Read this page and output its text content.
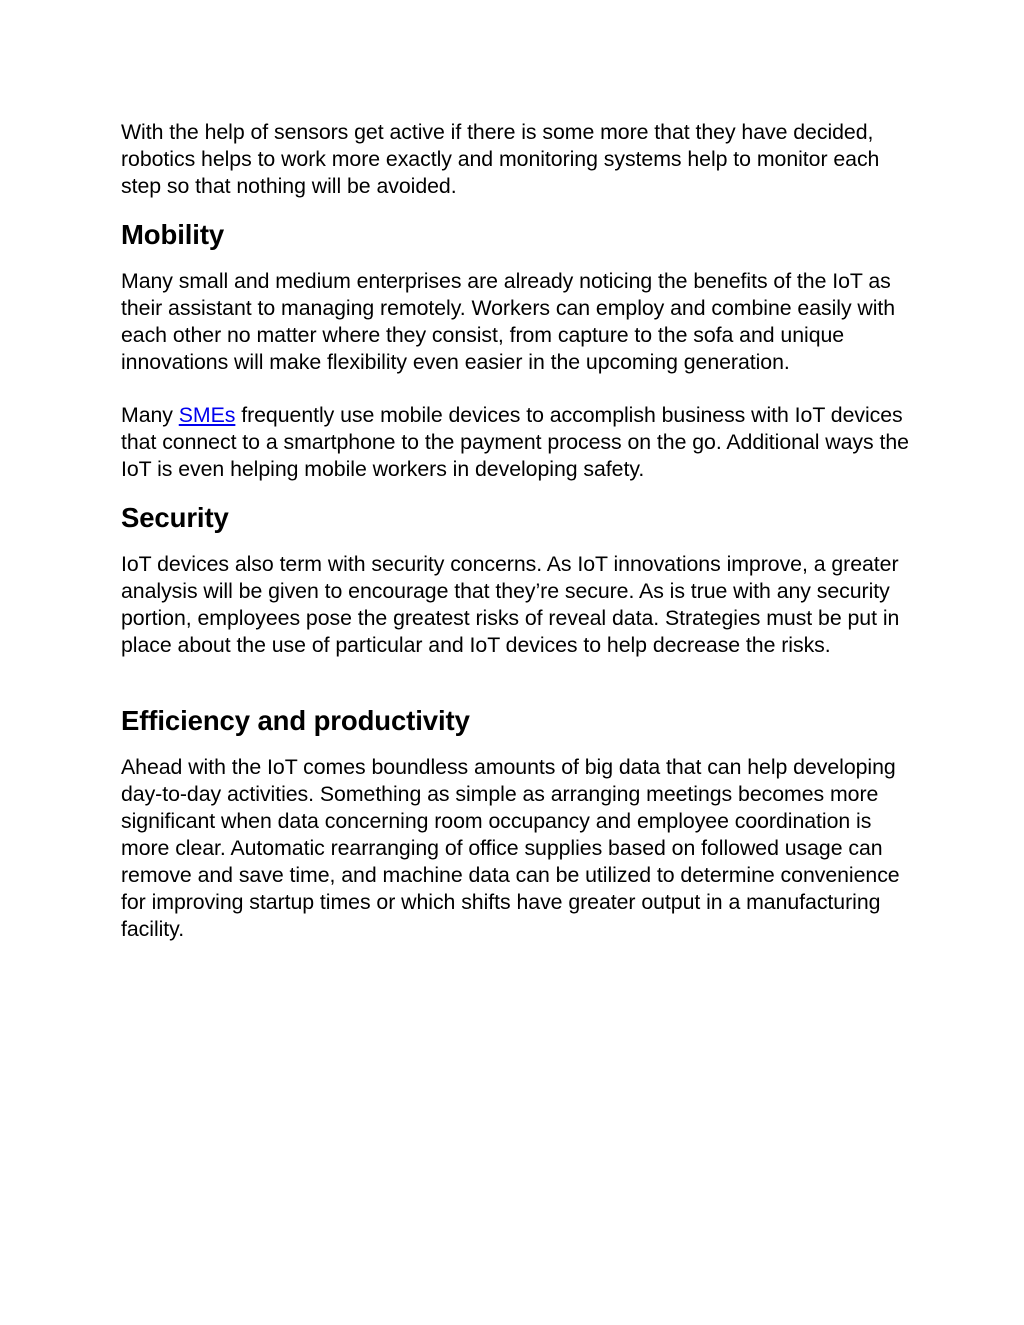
With the help of sensors get active if there is some more that they have decided, robotics helps to work more exactly and monitoring systems help to monitor each step so that nothing will be avoided.

Mobility

Many small and medium enterprises are already noticing the benefits of the IoT as their assistant to managing remotely. Workers can employ and combine easily with each other no matter where they consist, from capture to the sofa and unique innovations will make flexibility even easier in the upcoming generation.

Many SMEs frequently use mobile devices to accomplish business with IoT devices that connect to a smartphone to the payment process on the go. Additional ways the IoT is even helping mobile workers in developing safety.

Security

IoT devices also term with security concerns. As IoT innovations improve, a greater analysis will be given to encourage that they’re secure. As is true with any security portion, employees pose the greatest risks of reveal data. Strategies must be put in place about the use of particular and IoT devices to help decrease the risks.

Efficiency and productivity

Ahead with the IoT comes boundless amounts of big data that can help developing day-to-day activities. Something as simple as arranging meetings becomes more significant when data concerning room occupancy and employee coordination is more clear. Automatic rearranging of office supplies based on followed usage can remove and save time, and machine data can be utilized to determine convenience for improving startup times or which shifts have greater output in a manufacturing facility.
